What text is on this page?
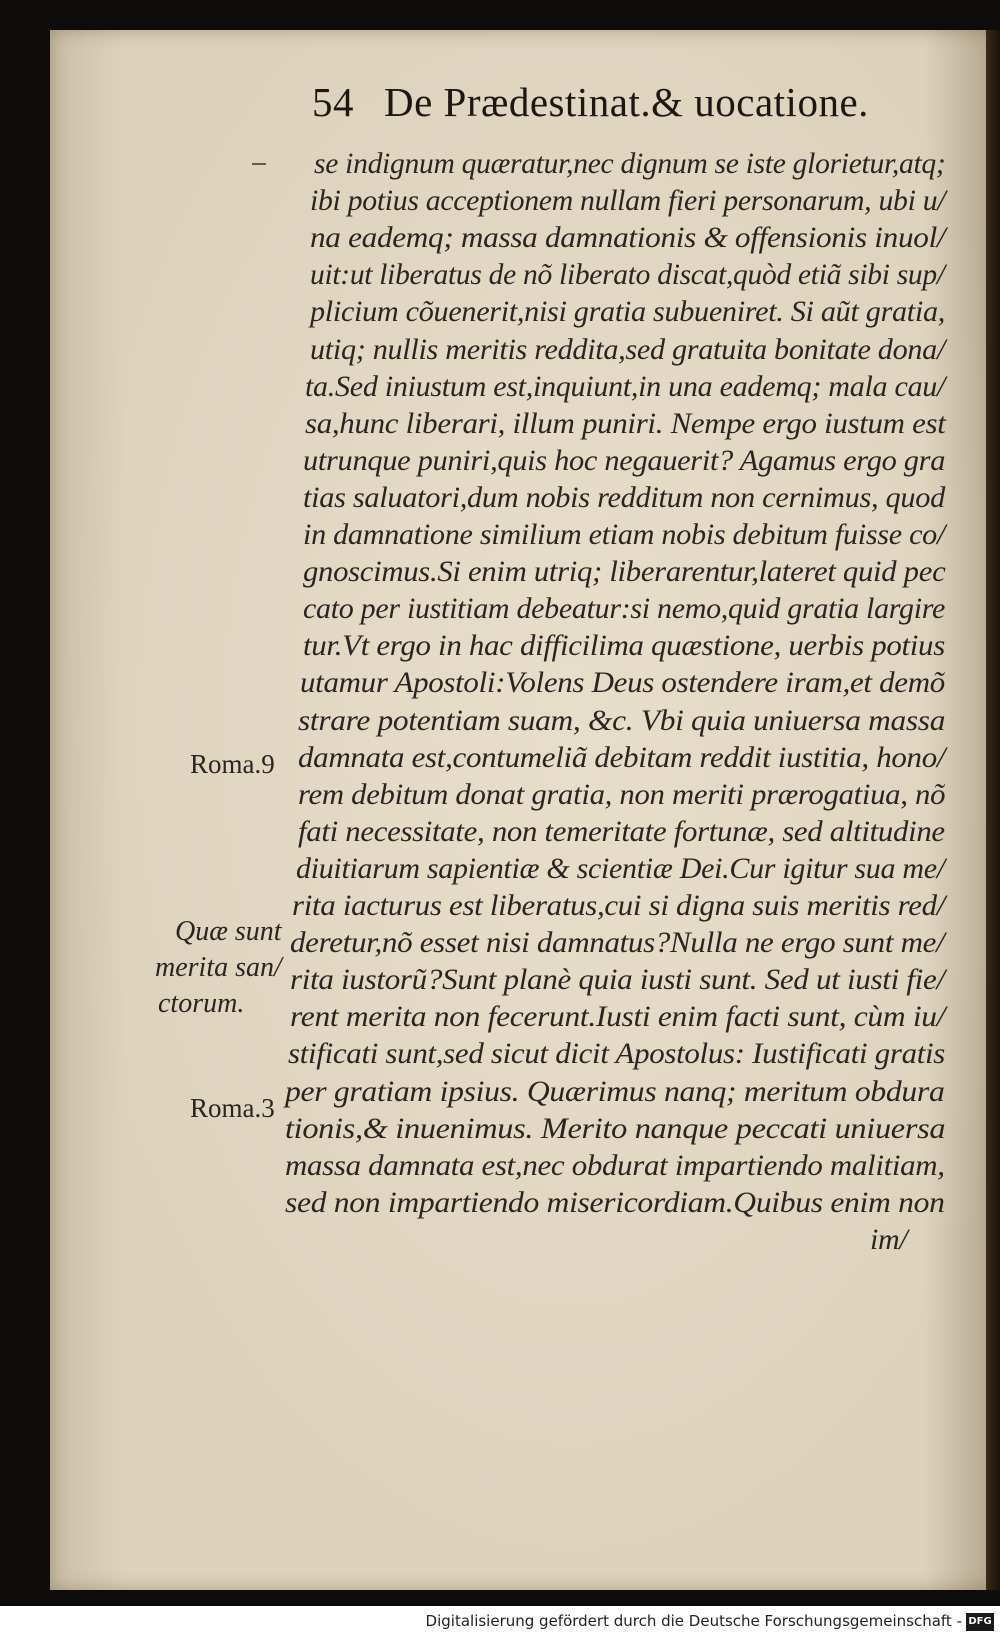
54 De Prædestinat.& uocatione.
se indignum quæratur,nec dignum se iste glorietur,atq;
ibi potius acceptionem nullam fieri personarum, ubi u/
na eademq; massa damnationis & offensionis inuol/
uit:ut liberatus de nõ liberato discat,quòd etiã sibi sup/
plicium cõuenerit,nisi gratia subueniret. Si aũt gratia,
utiq; nullis meritis reddita,sed gratuita bonitate dona/
ta.Sed iniustum est,inquiunt,in una eademq; mala cau/
sa,hunc liberari, illum puniri. Nempe ergo iustum est
utrunque puniri,quis hoc negauerit? Agamus ergo gra
tias saluatori,dum nobis redditum non cernimus, quod
in damnatione similium etiam nobis debitum fuisse co/
gnoscimus.Si enim utriq; liberarentur,lateret quid pec
cato per iustitiam debeatur:si nemo,quid gratia largire
tur.Vt ergo in hac difficilima quæstione, uerbis potius
utamur Apostoli:Volens Deus ostendere iram,et demõ
strare potentiam suam, &c. Vbi quia uniuersa massa
damnata est,contumeliã debitam reddit iustitia, hono/
rem debitum donat gratia, non meriti prærogatiua, nõ
fati necessitate, non temeritate fortunæ, sed altitudine
diuitiarum sapientiæ & scientiæ Dei.Cur igitur sua me/
rita iacturus est liberatus,cui si digna suis meritis red/
deretur,nõ esset nisi damnatus?Nulla ne ergo sunt me/
rita iustorũ?Sunt planè quia iusti sunt. Sed ut iusti fie/
rent merita non fecerunt.Iusti enim facti sunt, cùm iu/
stificati sunt,sed sicut dicit Apostolus: Iustificati gratis
per gratiam ipsius. Quærimus nanq; meritum obdura
tionis,& inuenimus. Merito nanque peccati uniuersa
massa damnata est,nec obdurat impartiendo malitiam,
sed non impartiendo misericordiam.Quibus enim non
im/
Roma.9
Quæ sunt
merita san/
ctorum.
Roma.3
Digitalisierung gefördert durch die Deutsche Forschungsgemeinschaft - DFG
